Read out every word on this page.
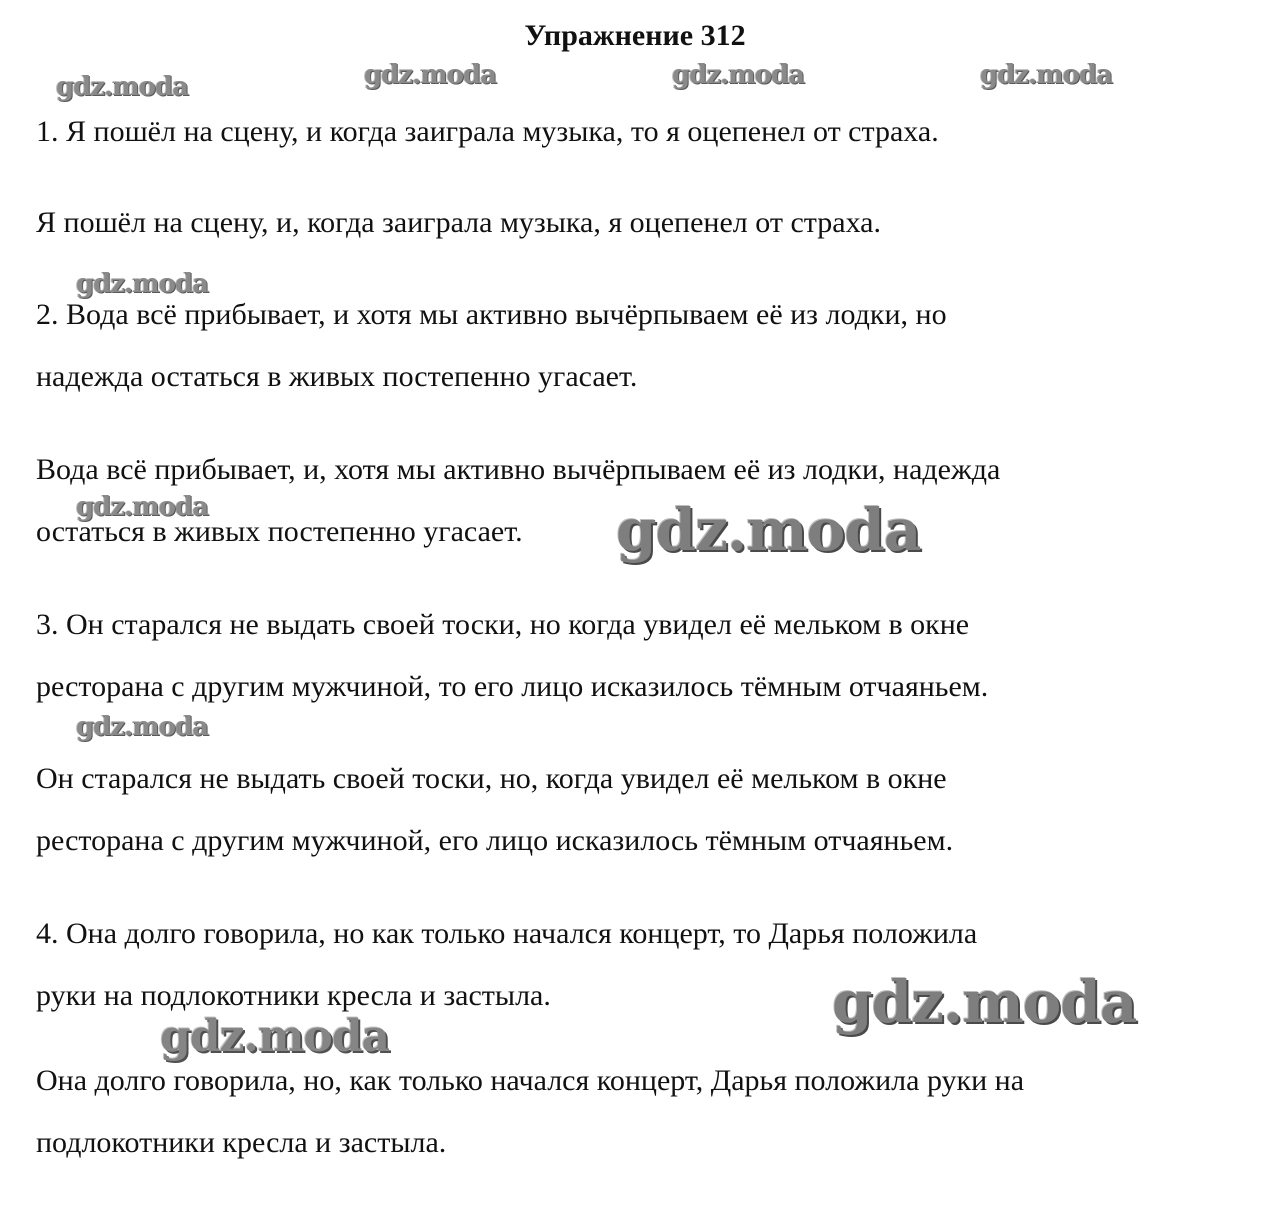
Упражнение 312
gdz.moda	gdz.moda	gdz.moda	gdz.moda
gdz.moda
gdz.moda
gdz.moda
1. Я пошёл на сцену, и когда заиграла музыка, то я оцепенел от страха.
Я пошёл на сцену, и, когда заиграла музыка, я оцепенел от страха.
2. Вода всё прибывает, и хотя мы активно вычёрпываем её из лодки, но
надежда остаться в живых постепенно угасает.
Вода всё прибывает, и, хотя мы активно вычёрпываем её из лодки, надежда
остаться в живых постепенно угасает.
3. Он старался не выдать своей тоски, но когда увидел её мельком в окне
ресторана с другим мужчиной, то его лицо исказилось тёмным отчаяньем.
Он старался не выдать своей тоски, но, когда увидел её мельком в окне
ресторана с другим мужчиной, его лицо исказилось тёмным отчаяньем.
4. Она долго говорила, но как только начался концерт, то Дарья положила
руки на подлокотники кресла и застыла.
Она долго говорила, но, как только начался концерт, Дарья положила руки на
подлокотники кресла и застыла.
gdz.moda
gdz.moda
gdz.moda
